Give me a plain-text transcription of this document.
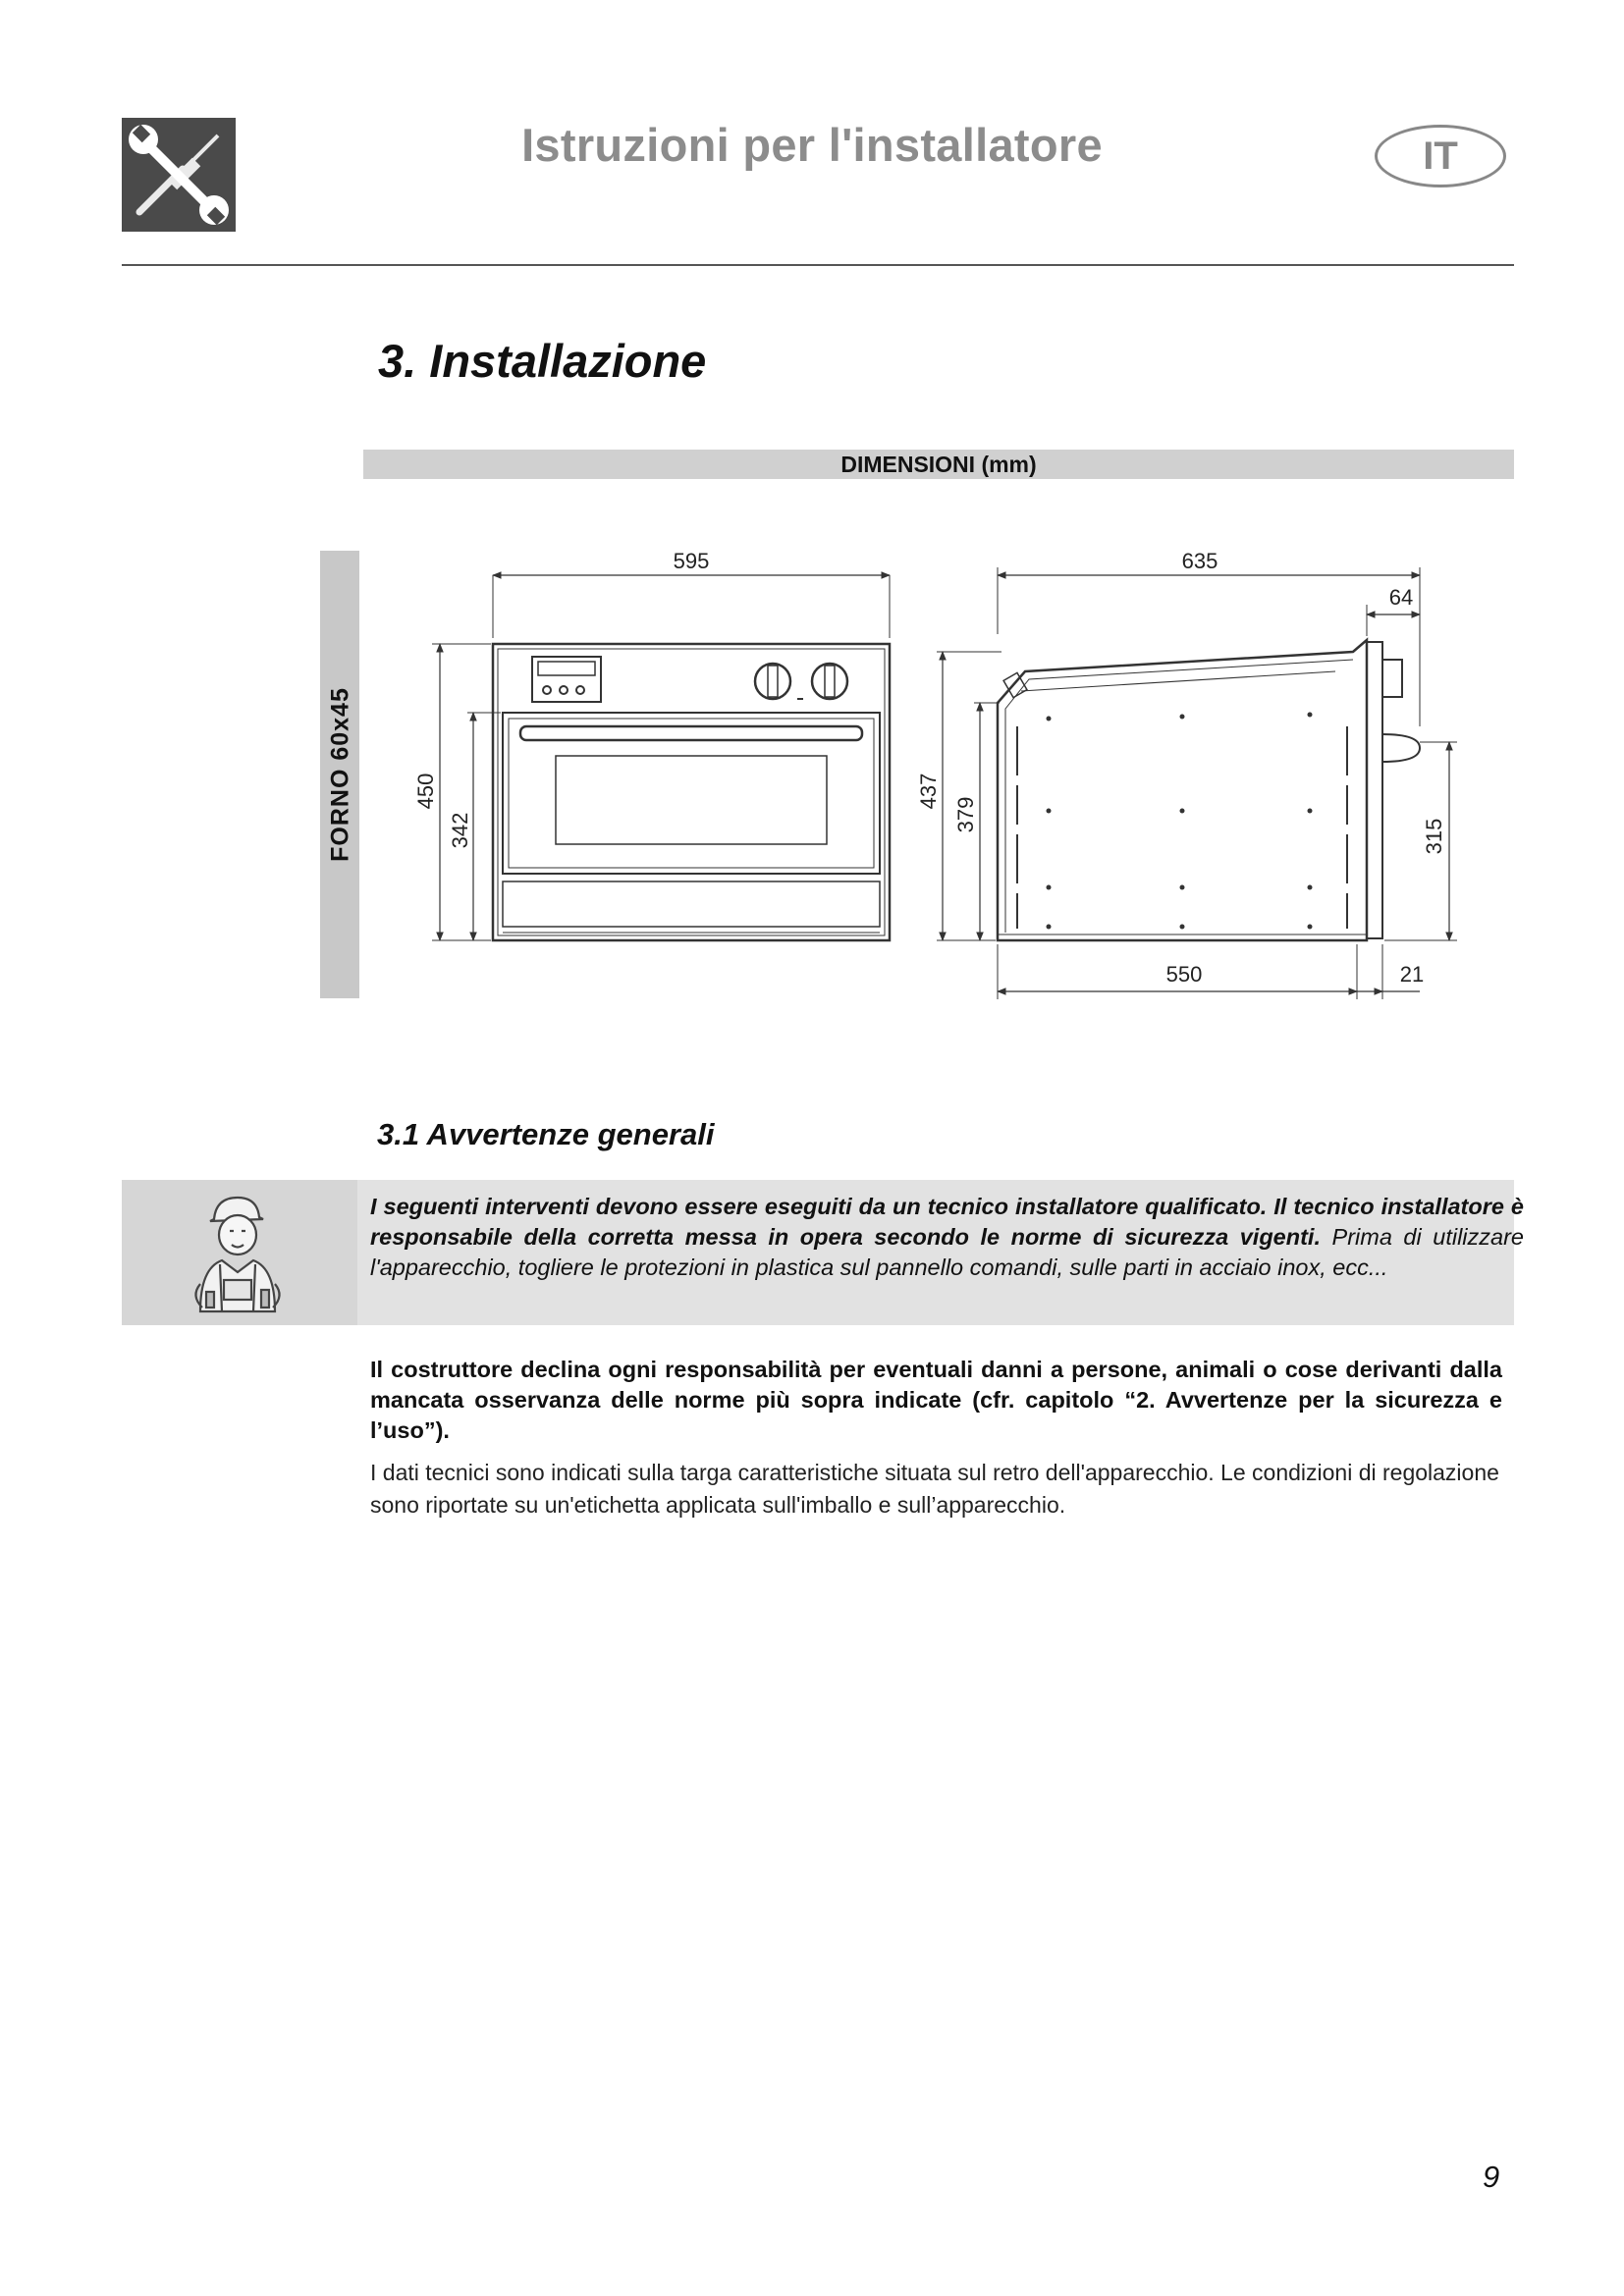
Istruzioni per l'installatore	IT
3. Installazione
DIMENSIONI (mm)
FORNO 60x45
595	635
64
550	21
450
342
437
379
315
3.1 Avvertenze generali
I seguenti interventi devono essere eseguiti da un tecnico installatore qualificato. Il tecnico installatore è responsabile della corretta messa in opera secondo le norme di sicurezza vigenti. Prima di utilizzare l'apparecchio, togliere le protezioni in plastica sul pannello comandi, sulle parti in acciaio inox, ecc...
Il costruttore declina ogni responsabilità per eventuali danni a persone, animali o cose derivanti dalla mancata osservanza delle norme più sopra indicate (cfr. capitolo “2. Avvertenze per la sicurezza e l’uso”).
I dati tecnici sono indicati sulla targa caratteristiche situata sul retro dell'apparecchio. Le condizioni di regolazione sono riportate su un'etichetta applicata sull'imballo e sull’apparecchio.
9
